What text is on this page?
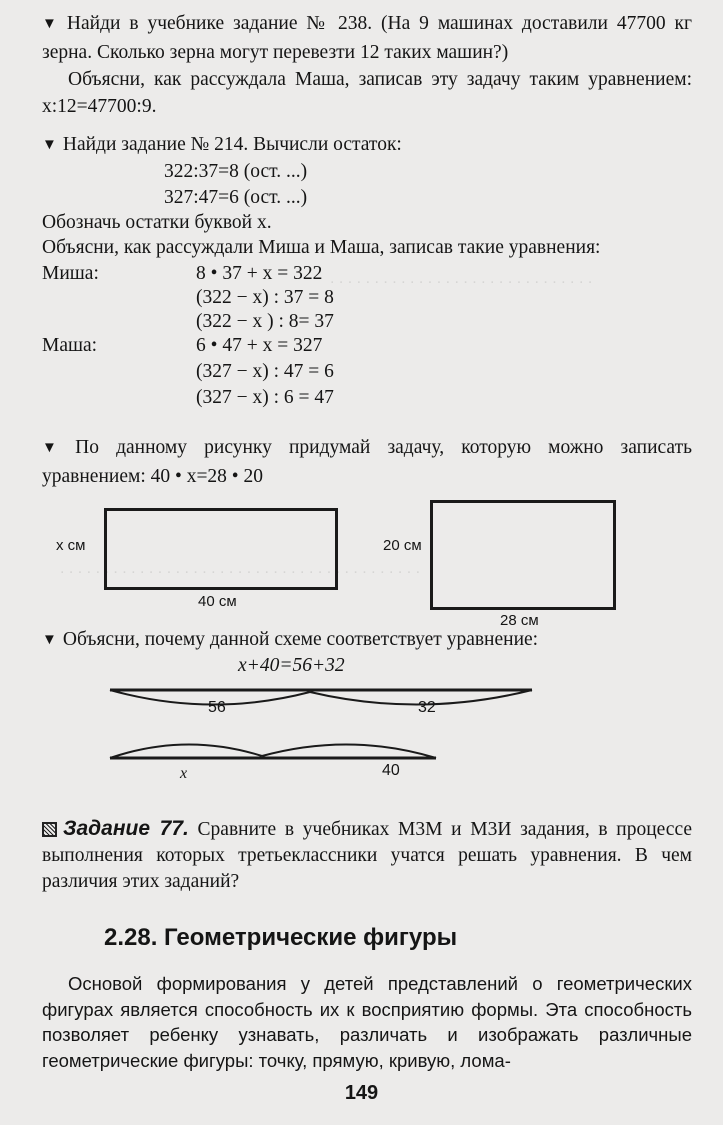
. . . . . . . . . . . . . . . . . . . . . . . . . . . . . .
. . . . . . . . . . . . . . . . . . . . . . . . . . . . . . . . . . . . . . . . .

▼ Найди в учебнике задание № 238. (На 9 машинах доставили 47700 кг зерна. Сколько зерна могут перевезти 12 таких машин?)

Объясни, как рассуждала Маша, записав эту задачу таким уравнением: x:12=47700:9.

▼ Найди задание № 214. Вычисли остаток:

322:37=8 (ост. ...)
327:47=6 (ост. ...)
Обозначь остатки буквой x.
Объясни, как рассуждали Миша и Маша, записав такие уравнения:
Миша:	8 • 37 + x = 322
(322 − x) : 37 = 8
(322 − x ) : 8= 37
Маша:	6 • 47 + x = 327
(327 − x) : 47 = 6
(327 − x) : 6 = 47

▼ По данному рисунку придумай задачу, которую можно записать уравнением: 40 • x=28 • 20

x см
40 см
20 см
28 см

▼ Объясни, почему данной схеме соответствует уравнение:

x+40=56+32
56	32
x	40

Задание 77. Сравните в учебниках М3М и М3И задания, в процессе выполнения которых третьеклассники учатся решать уравнения. В чем различия этих заданий?

2.28. Геометрические фигуры

Основой формирования у детей представлений о геометрических фигурах является способность их к восприятию формы. Эта способность позволяет ребенку узнавать, различать и изображать различные геометрические фигуры: точку, прямую, кривую, лома-

149
